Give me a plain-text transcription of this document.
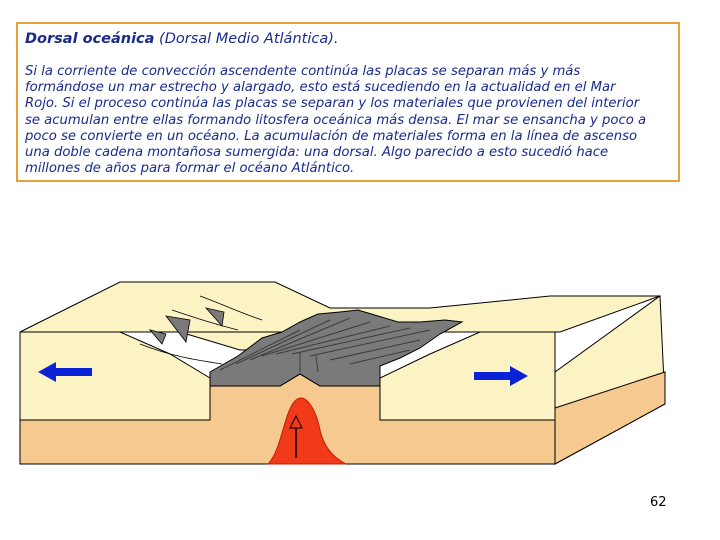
Dorsal oceánica (Dorsal Medio Atlántica).
Si la corriente de convección ascendente continúa las placas se separan más y más
formándose un mar estrecho y alargado, esto está sucediendo en la actualidad en el Mar
Rojo. Si el proceso continúa las placas se separan y los materiales que provienen del interior
se acumulan entre ellas formando litosfera oceánica más densa. El mar se ensancha y poco a
poco se convierte en un océano. La acumulación de materiales forma en la línea de ascenso
una doble cadena montañosa sumergida: una dorsal. Algo parecido a esto sucedió hace
millones de años para formar el océano Atlántico.
62
